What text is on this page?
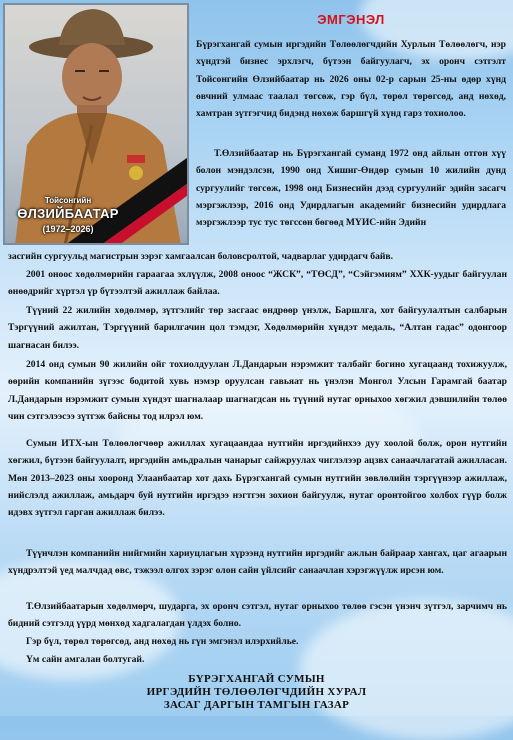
Тойсонгийн
ӨЛЗИЙБААТАР
(1972–2026)
ЭМГЭНЭЛ

Бүрэгхангай сумын иргэдийн Төлөөлөгчдийн Хурлын Төлөөлөгч, нэр хүндтэй бизнес эрхлэгч, бүтээн байгуулагч, эх оронч сэтгэлт Тойсонгийн Өлзийбаатар нь 2026 оны 02-р сарын 25-ны өдөр хүнд өвчний улмаас таалал төгсөж, гэр бүл, төрөл төрөгсөд, анд нөхөд, хамтран зүтгэгчид бидэнд нөхөж баршгүй хүнд гарз тохиолоо.

Т.Өлзийбаатар нь Бүрэгхангай суманд 1972 онд айлын отгон хүү болон мэндэлсэн, 1990 онд Хишиг-Өндөр сумын 10 жилийн дунд сургуулийг төгсөж, 1998 онд Бизнесийн дээд сургуулийг эдийн засагч мэргэжлээр, 2016 онд Удирдлагын академийг бизнесийн удирдлага мэргэжлээр тус тус төгссөн бөгөөд МҮИС-ийн Эдийн

засгийн сургуульд магистрын зэрэг хамгаалсан боловсролтой, чадварлаг удирдагч байв.

2001 оноос хөдөлмөрийн гараагаа эхлүүлж, 2008 оноос “ЖСК”, “ТӨСД”, “Сэйгэмиям” ХХК-уудыг байгуулан өнөөдрийг хүртэл үр бүтээлтэй ажиллаж байлаа.

Түүний 22 жилийн хөдөлмөр, зүтгэлийг төр засгаас өндрөөр үнэлж, Баршлга, хот байгуулалтын салбарын Тэргүүний ажилтан, Тэргүүний барилгачин цол тэмдэг, Хөдөлмөрийн хүндэт медаль, “Алтан гадас” одонгоор шагнасан билээ.

2014 онд сумын 90 жилийн ойг тохиолдуулан Л.Дандарын нэрэмжит талбайг богино хугацаанд тохижуулж, өөрийн компанийн зүгээс бодитой хувь нэмэр оруулсан гавьяат нь үнэлэн Монгол Улсын Гарамгай баатар Л.Дандарын нэрэмжит сумын хүндэт шагналаар шагнагдсан нь түүний нутаг орныхоо хөгжил дэвшилийн төлөө чин сэтгэлээсээ зүтгэж байсны тод илрэл юм.

Сумын ИТХ-ын Төлөөлөгчөөр ажиллах хугацаандаа нутгийн иргэдийнхээ дуу хоолой болж, орон нутгийн хөгжил, бүтээн байгуулалт, иргэдийн амьдралын чанарыг сайжруулах чиглэлээр ацзвх санаачлагатай ажилласан. Мөн 2013–2023 оны хооронд Улаанбаатар хот дахь Бүрэгхангай сумын нутгийн зөвлөлийн тэргүүнээр ажиллаж, нийслэлд ажиллаж, амьдарч буй нутгийн иргэдээ нэгтгэн зохион байгуулж, нутаг оронтойгоо холбох гүүр болж идэвх зүтгэл гарган ажиллаж билээ.

Түүнчлэн компанийн нийгмийн хариуцлагын хүрээнд нутгийн иргэдийг ажлын байраар хангах, цаг агаарын хүндрэлтэй үед малчдад өвс, тэжээл олгох зэрэг олон сайн үйлсийг санаачлан хэрэгжүүлж ирсэн юм.

Т.Өлзийбаатарын хөдөлмөрч, шударга, эх оронч сэтгэл, нутаг орныхоо төлөө гэсэн үнэнч зүтгэл, зарчимч нь бидний сэтгэлд үүрд мөнхөд хадгалагдан үлдэх болно.

Гэр бүл, төрөл төрөгсөд, анд нөхөд нь гүн эмгэнэл илэрхийлье.

Үм сайн амгалан болтугай.

БҮРЭГХАНГАЙ СУМЫН
ИРГЭДИЙН ТӨЛӨӨЛӨГЧДИЙН ХУРАЛ
ЗАСАГ ДАРГЫН ТАМГЫН ГАЗАР
